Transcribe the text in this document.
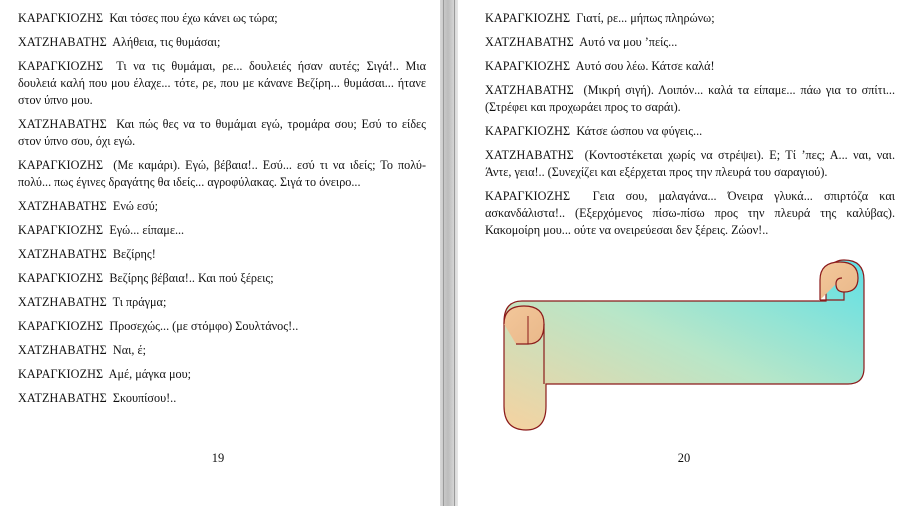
ΚΑΡΑΓΚΙΟΖΗΣ Και τόσες που έχω κάνει ως τώρα;

ΧΑΤΖΗΑΒΑΤΗΣ Αλήθεια, τις θυμάσαι;

ΚΑΡΑΓΚΙΟΖΗΣ Τι να τις θυμάμαι, ρε... δουλειές ήσαν αυτές; Σιγά!.. Μια δουλειά καλή που μου έλαχε... τότε, ρε, που με κάνανε Βεζίρη... θυμάσαι... ήτανε στον ύπνο μου.

ΧΑΤΖΗΑΒΑΤΗΣ Και πώς θες να το θυμάμαι εγώ, τρομάρα σου; Εσύ το είδες στον ύπνο σου, όχι εγώ.

ΚΑΡΑΓΚΙΟΖΗΣ (Με καμάρι). Εγώ, βέβαια!.. Εσύ... εσύ τι να ιδείς; Το πολύ-πολύ... πως έγινες δραγάτης θα ιδείς... αγροφύλακας. Σιγά το όνειρο...

ΧΑΤΖΗΑΒΑΤΗΣ Ενώ εσύ;

ΚΑΡΑΓΚΙΟΖΗΣ Εγώ... είπαμε...

ΧΑΤΖΗΑΒΑΤΗΣ Βεζίρης!

ΚΑΡΑΓΚΙΟΖΗΣ Βεζίρης βέβαια!.. Και πού ξέρεις;

ΧΑΤΖΗΑΒΑΤΗΣ Τι πράγμα;

ΚΑΡΑΓΚΙΟΖΗΣ Προσεχώς... (με στόμφο) Σουλτάνος!..

ΧΑΤΖΗΑΒΑΤΗΣ Ναι, έ;

ΚΑΡΑΓΚΙΟΖΗΣ Αμέ, μάγκα μου;

ΧΑΤΖΗΑΒΑΤΗΣ Σκουπίσου!..

19

ΚΑΡΑΓΚΙΟΖΗΣ Γιατί, ρε... μήπως πληρώνω;

ΧΑΤΖΗΑΒΑΤΗΣ Αυτό να μου ’πείς...

ΚΑΡΑΓΚΙΟΖΗΣ Αυτό σου λέω. Κάτσε καλά!

ΧΑΤΖΗΑΒΑΤΗΣ (Μικρή σιγή). Λοιπόν... καλά τα είπαμε... πάω για το σπίτι... (Στρέφει και προχωράει προς το σαράι).

ΚΑΡΑΓΚΙΟΖΗΣ Κάτσε ώσπου να φύγεις...

ΧΑΤΖΗΑΒΑΤΗΣ (Κοντοστέκεται χωρίς να στρέψει). Ε; Τί ’πες; Α... ναι, ναι. Άντε, γεια!.. (Συνεχίζει και εξέρχεται προς την πλευρά του σαραγιού).

ΚΑΡΑΓΚΙΟΖΗΣ Γεια σου, μαλαγάνα... Όνειρα γλυκά... σπιρτόζα και ασκανδάλιστα!.. (Εξερχόμενος πίσω-πίσω προς την πλευρά της καλύβας). Κακομοίρη μου... ούτε να ονειρεύεσαι δεν ξέρεις. Ζώον!..

20
